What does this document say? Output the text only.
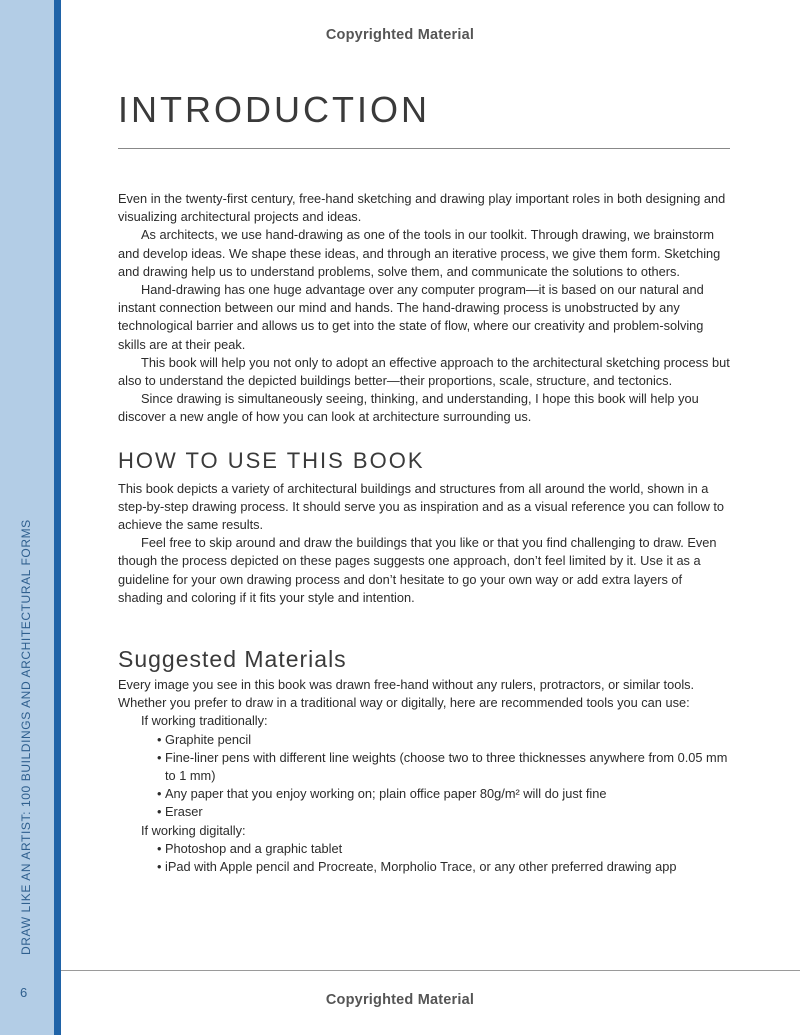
DRAW LIKE AN ARTIST: 100 BUILDINGS AND ARCHITECTURAL FORMS
6
Copyrighted Material
INTRODUCTION

Even in the twenty-first century, free-hand sketching and drawing play important roles in both designing and visualizing architectural projects and ideas.

As architects, we use hand-drawing as one of the tools in our toolkit. Through drawing, we brainstorm and develop ideas. We shape these ideas, and through an iterative process, we give them form. Sketching and drawing help us to understand problems, solve them, and communicate the solutions to others.

Hand-drawing has one huge advantage over any computer program—it is based on our natural and instant connection between our mind and hands. The hand-drawing process is unobstructed by any technological barrier and allows us to get into the state of flow, where our creativity and problem-solving skills are at their peak.

This book will help you not only to adopt an effective approach to the architectural sketching process but also to understand the depicted buildings better—their proportions, scale, structure, and tectonics.

Since drawing is simultaneously seeing, thinking, and understanding, I hope this book will help you discover a new angle of how you can look at architecture surrounding us.

HOW TO USE THIS BOOK

This book depicts a variety of architectural buildings and structures from all around the world, shown in a step-by-step drawing process. It should serve you as inspiration and as a visual reference you can follow to achieve the same results.

Feel free to skip around and draw the buildings that you like or that you find challenging to draw. Even though the process depicted on these pages suggests one approach, don’t feel limited by it. Use it as a guideline for your own drawing process and don’t hesitate to go your own way or add extra layers of shading and coloring if it fits your style and intention.

Suggested Materials

Every image you see in this book was drawn free-hand without any rulers, protractors, or similar tools. Whether you prefer to draw in a traditional way or digitally, here are recommended tools you can use:

If working traditionally:
• Graphite pencil
• Fine-liner pens with different line weights (choose two to three thicknesses anywhere from 0.05 mm to 1 mm)
• Any paper that you enjoy working on; plain office paper 80g/m² will do just fine
• Eraser
If working digitally:
• Photoshop and a graphic tablet
• iPad with Apple pencil and Procreate, Morpholio Trace, or any other preferred drawing app
Copyrighted Material
